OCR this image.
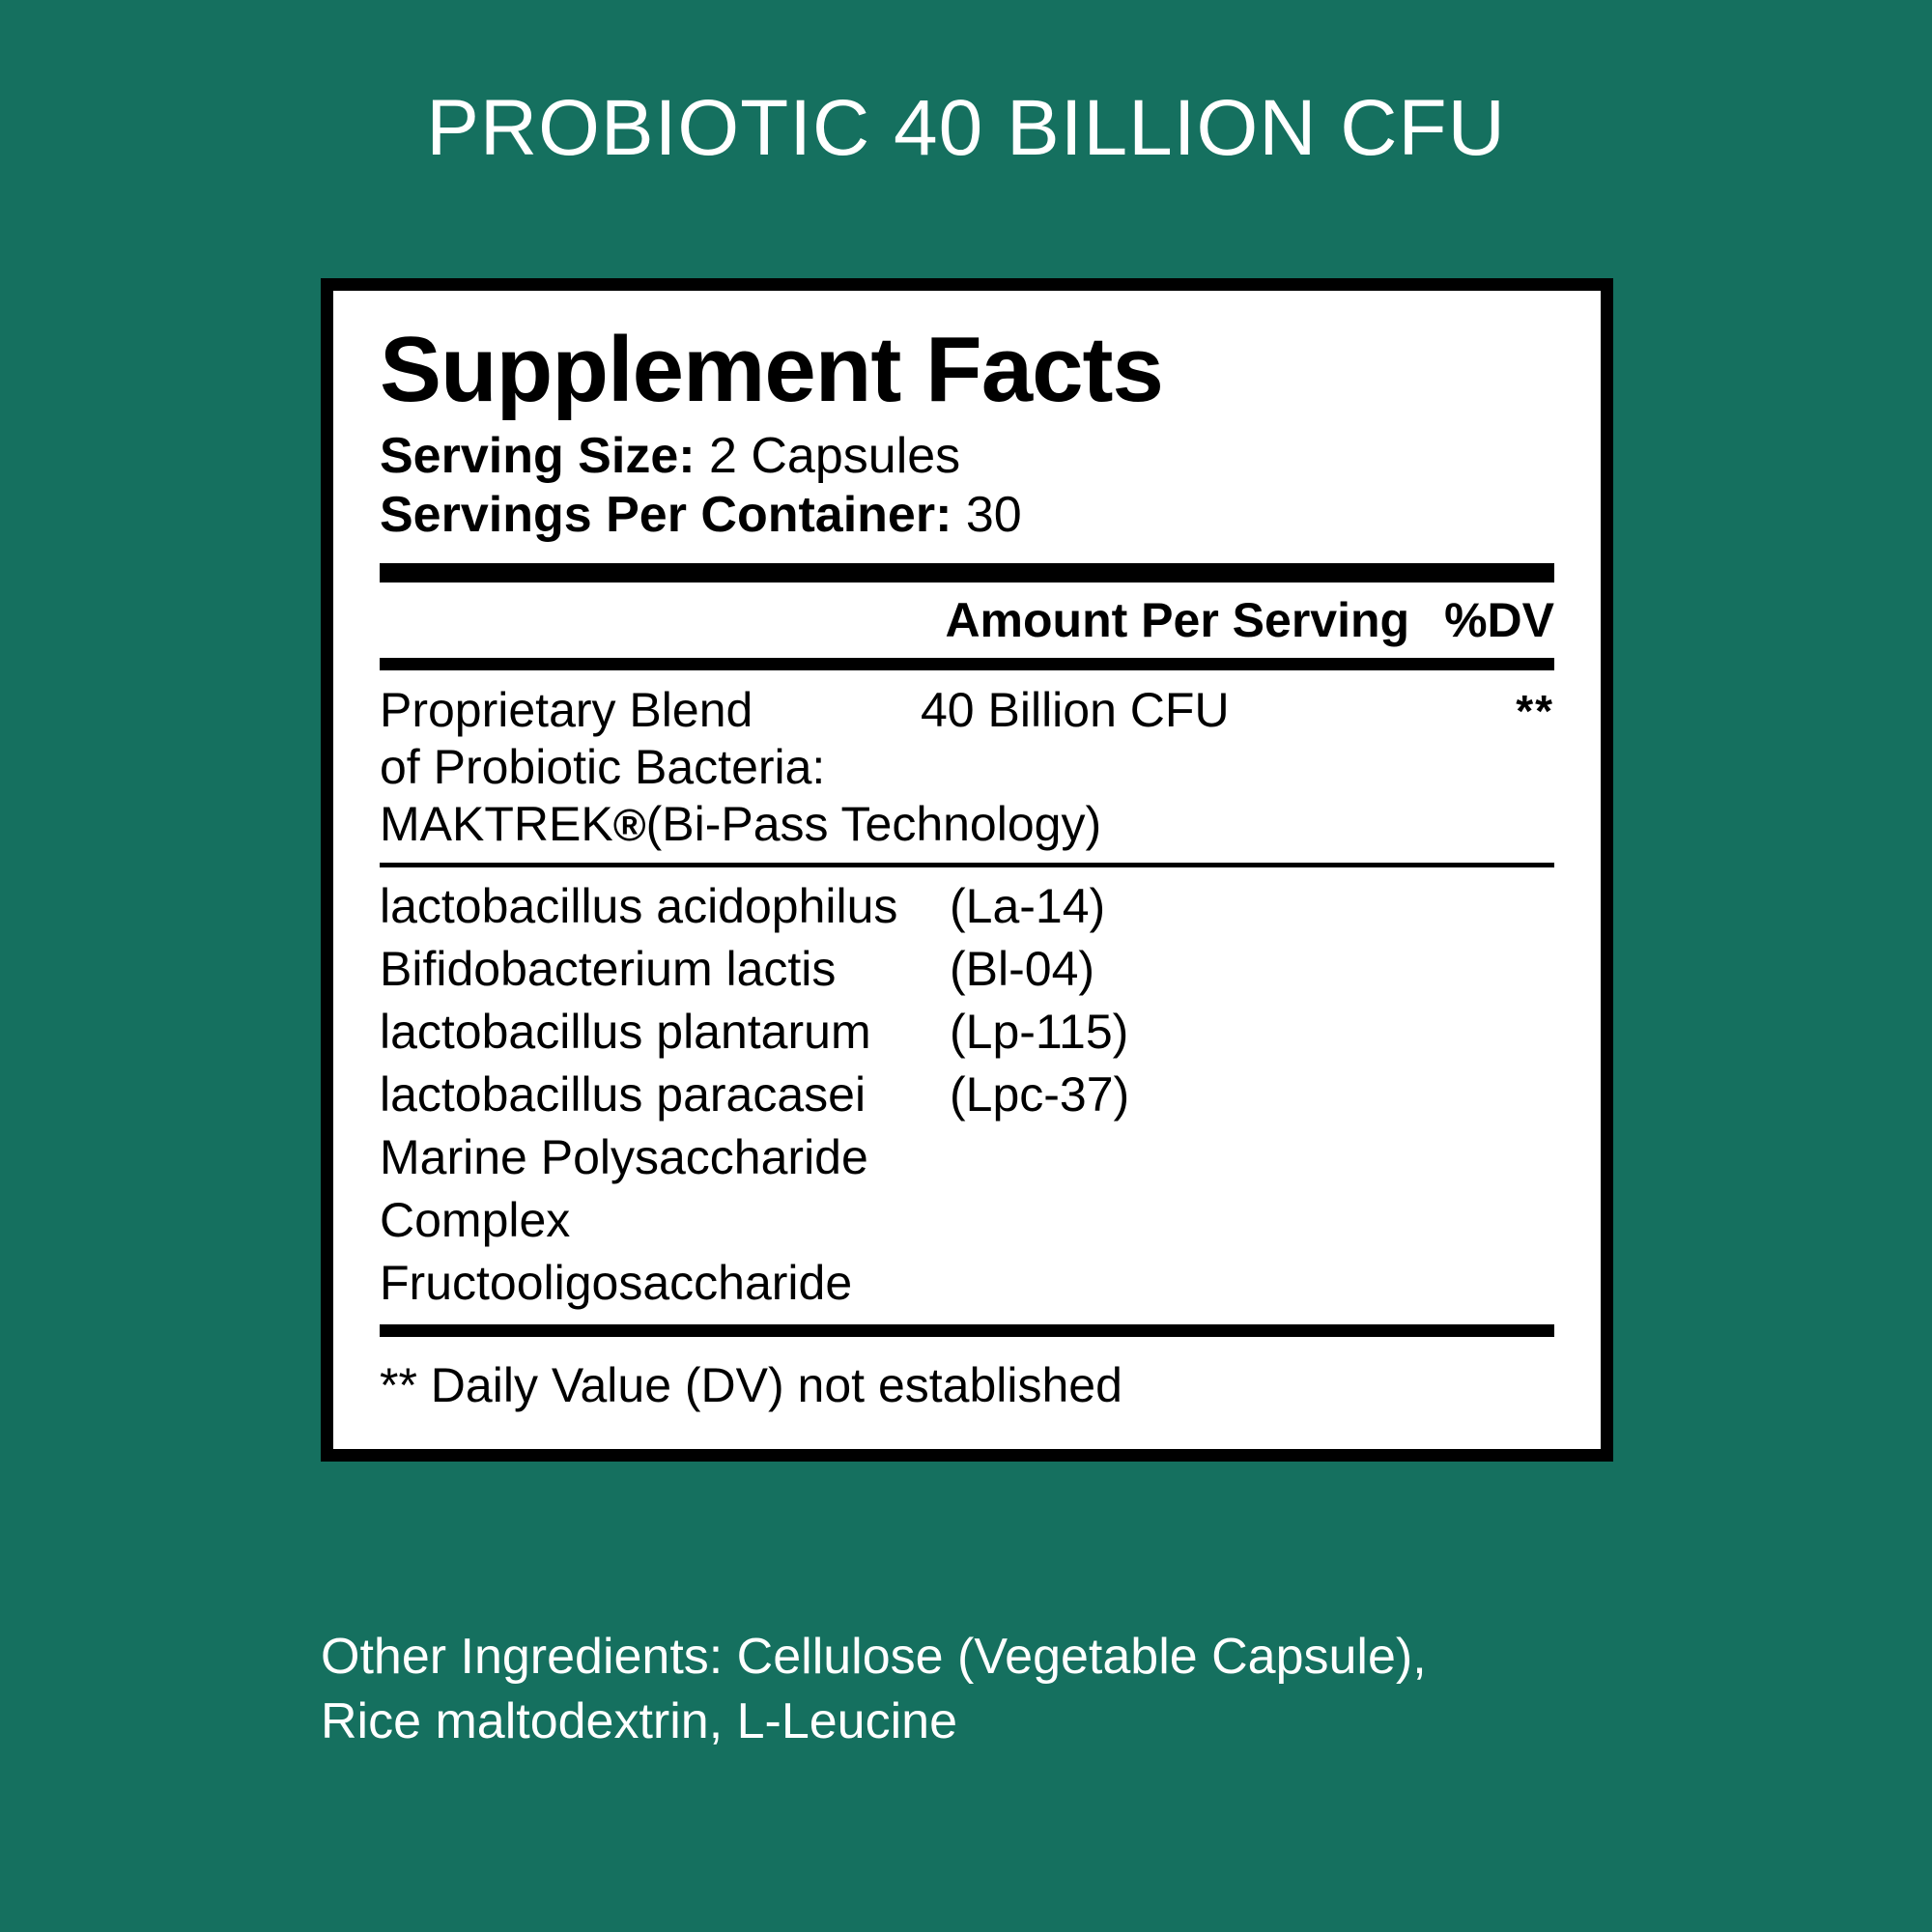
PROBIOTIC 40 BILLION CFU
Supplement Facts
Serving Size: 2 Capsules
Servings Per Container: 30
Amount Per Serving %DV
Proprietary Blend	40 Billion CFU	**
of Probiotic Bacteria:
MAKTREK®(Bi-Pass Technology)
lactobacillus acidophilus	(La-14)
Bifidobacterium lactis	(Bl-04)
lactobacillus plantarum	(Lp-115)
lactobacillus paracasei	(Lpc-37)
Marine Polysaccharide Complex
Fructooligosaccharide
** Daily Value (DV) not established
Other Ingredients: Cellulose (Vegetable Capsule),
Rice maltodextrin, L-Leucine
